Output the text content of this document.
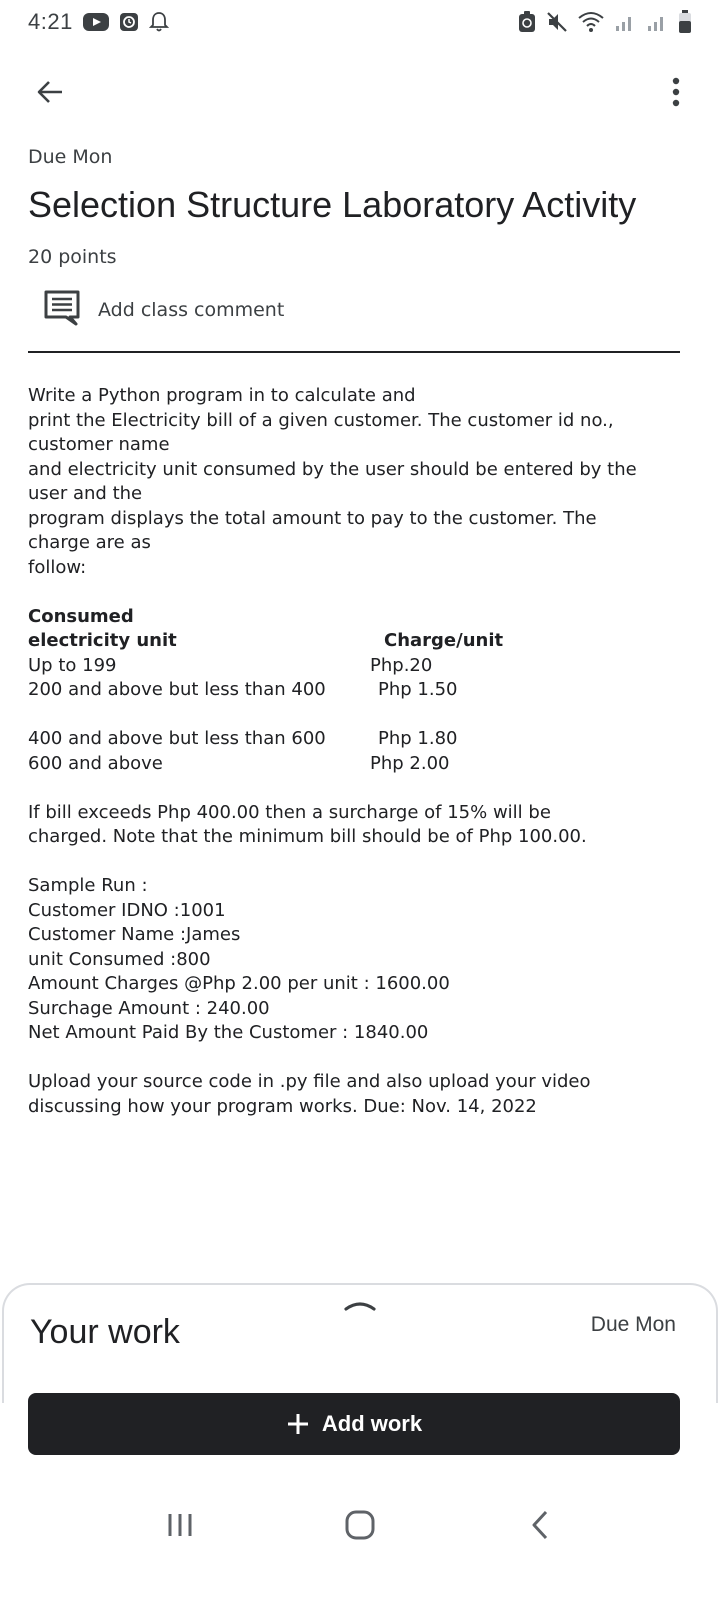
4:21
Due Mon
Selection Structure Laboratory Activity
20 points
Add class comment

Write a Python program in to calculate and

print the Electricity bill of a given customer. The customer id no.,

customer name

and electricity unit consumed by the user should be entered by the

user and the

program displays the total amount to pay to the customer. The

charge are as

follow:

Consumed
electricity unit	Charge/unit
Up to 199	Php.20
200 and above but less than 400	Php 1.50
400 and above but less than 600	Php 1.80
600 and above	Php 2.00

If bill exceeds Php 400.00 then a surcharge of 15% will be

charged. Note that the minimum bill should be of Php 100.00.

Sample Run :

Customer IDNO :1001

Customer Name :James

unit Consumed :800

Amount Charges @Php 2.00 per unit : 1600.00

Surchage Amount : 240.00

Net Amount Paid By the Customer : 1840.00

Upload your source code in .py file and also upload your video

discussing how your program works. Due: Nov. 14, 2022

Your work	Due Mon
Add work
